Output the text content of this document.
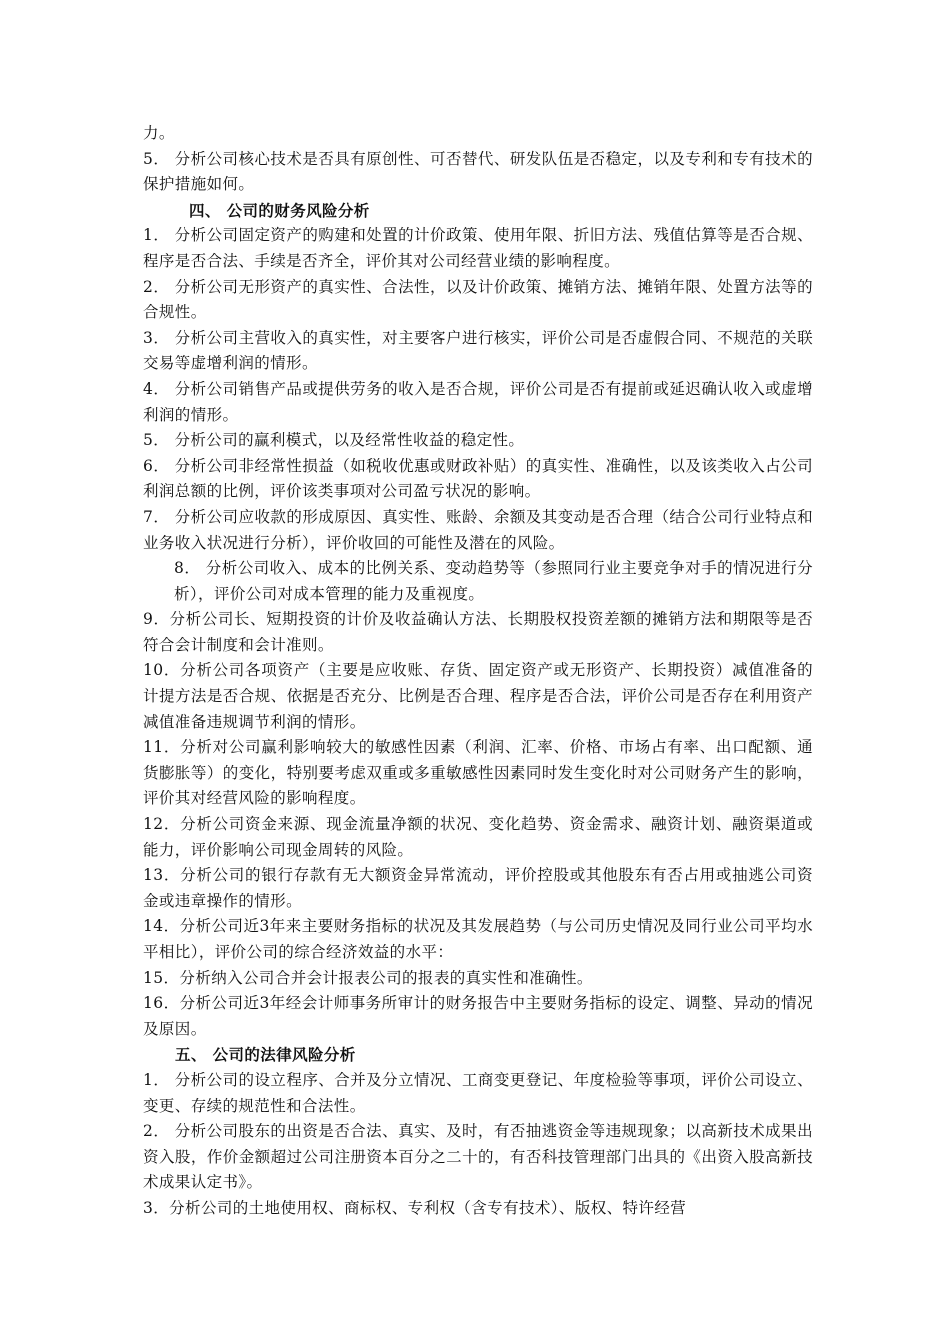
力。

5． 分析公司核心技术是否具有原创性、可否替代、研发队伍是否稳定，以及专利和专有技术的保护措施如何。

四、 公司的财务风险分析

1． 分析公司固定资产的购建和处置的计价政策、使用年限、折旧方法、残值估算等是否合规、程序是否合法、手续是否齐全，评价其对公司经营业绩的影响程度。

2． 分析公司无形资产的真实性、合法性，以及计价政策、摊销方法、摊销年限、处置方法等的合规性。

3． 分析公司主营收入的真实性，对主要客户进行核实，评价公司是否虚假合同、不规范的关联交易等虚增利润的情形。

4． 分析公司销售产品或提供劳务的收入是否合规，评价公司是否有提前或延迟确认收入或虚增利润的情形。

5． 分析公司的赢利模式，以及经常性收益的稳定性。

6． 分析公司非经常性损益（如税收优惠或财政补贴）的真实性、准确性，以及该类收入占公司利润总额的比例，评价该类事项对公司盈亏状况的影响。

7． 分析公司应收款的形成原因、真实性、账龄、余额及其变动是否合理（结合公司行业特点和业务收入状况进行分析），评价收回的可能性及潜在的风险。

8． 分析公司收入、成本的比例关系、变动趋势等（参照同行业主要竞争对手的情况进行分析），评价公司对成本管理的能力及重视度。

9．分析公司长、短期投资的计价及收益确认方法、长期股权投资差额的摊销方法和期限等是否符合会计制度和会计准则。

10．分析公司各项资产（主要是应收账、存货、固定资产或无形资产、长期投资）减值准备的计提方法是否合规、依据是否充分、比例是否合理、程序是否合法，评价公司是否存在利用资产减值准备违规调节利润的情形。

11．分析对公司赢利影响较大的敏感性因素（利润、汇率、价格、市场占有率、出口配额、通货膨胀等）的变化，特别要考虑双重或多重敏感性因素同时发生变化时对公司财务产生的影响，评价其对经营风险的影响程度。

12．分析公司资金来源、现金流量净额的状况、变化趋势、资金需求、融资计划、融资渠道或能力，评价影响公司现金周转的风险。

13．分析公司的银行存款有无大额资金异常流动，评价控股或其他股东有否占用或抽逃公司资金或违章操作的情形。

14．分析公司近3年来主要财务指标的状况及其发展趋势（与公司历史情况及同行业公司平均水平相比），评价公司的综合经济效益的水平：

15．分析纳入公司合并会计报表公司的报表的真实性和准确性。

16．分析公司近3年经会计师事务所审计的财务报告中主要财务指标的设定、调整、异动的情况及原因。

五、 公司的法律风险分析

1． 分析公司的设立程序、合并及分立情况、工商变更登记、年度检验等事项，评价公司设立、变更、存续的规范性和合法性。

2． 分析公司股东的出资是否合法、真实、及时，有否抽逃资金等违规现象；以高新技术成果出资入股，作价金额超过公司注册资本百分之二十的，有否科技管理部门出具的《出资入股高新技术成果认定书》。

3．分析公司的土地使用权、商标权、专利权（含专有技术）、版权、特许经营
